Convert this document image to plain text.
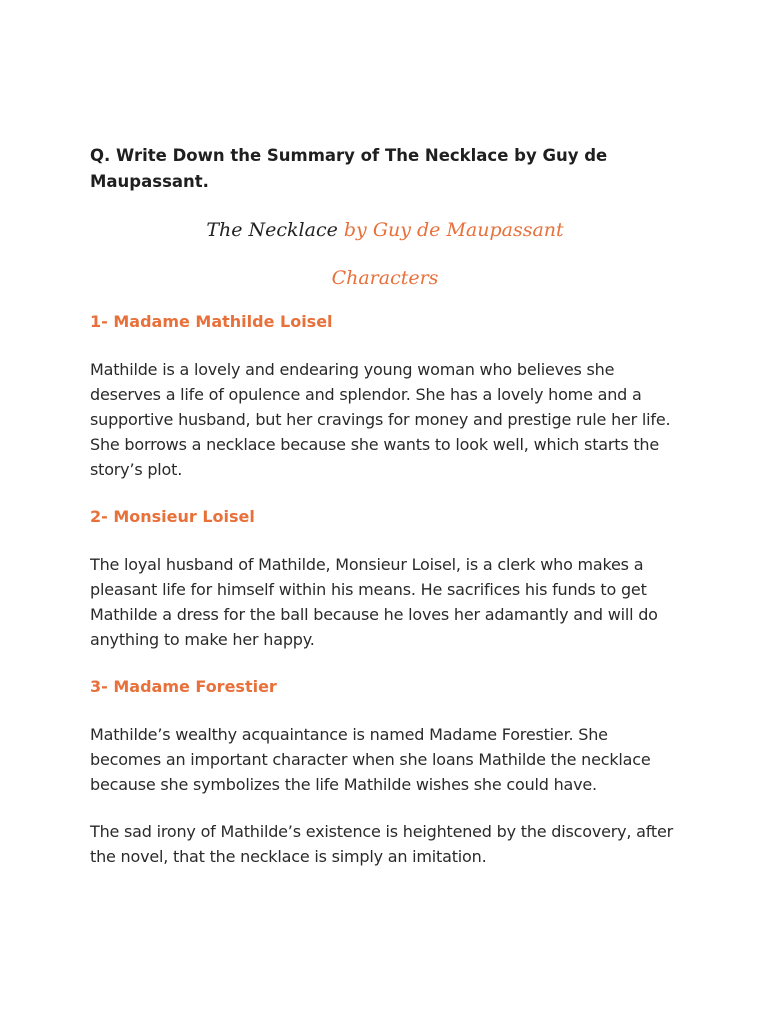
Q. Write Down the Summary of The Necklace by Guy de Maupassant.

The Necklace by Guy de Maupassant

Characters

1- Madame Mathilde Loisel

Mathilde is a lovely and endearing young woman who believes she deserves a life of opulence and splendor. She has a lovely home and a supportive husband, but her cravings for money and prestige rule her life. She borrows a necklace because she wants to look well, which starts the story’s plot.

2- Monsieur Loisel

The loyal husband of Mathilde, Monsieur Loisel, is a clerk who makes a pleasant life for himself within his means. He sacrifices his funds to get Mathilde a dress for the ball because he loves her adamantly and will do anything to make her happy.

3- Madame Forestier

Mathilde’s wealthy acquaintance is named Madame Forestier. She becomes an important character when she loans Mathilde the necklace because she symbolizes the life Mathilde wishes she could have.

The sad irony of Mathilde’s existence is heightened by the discovery, after the novel, that the necklace is simply an imitation.
